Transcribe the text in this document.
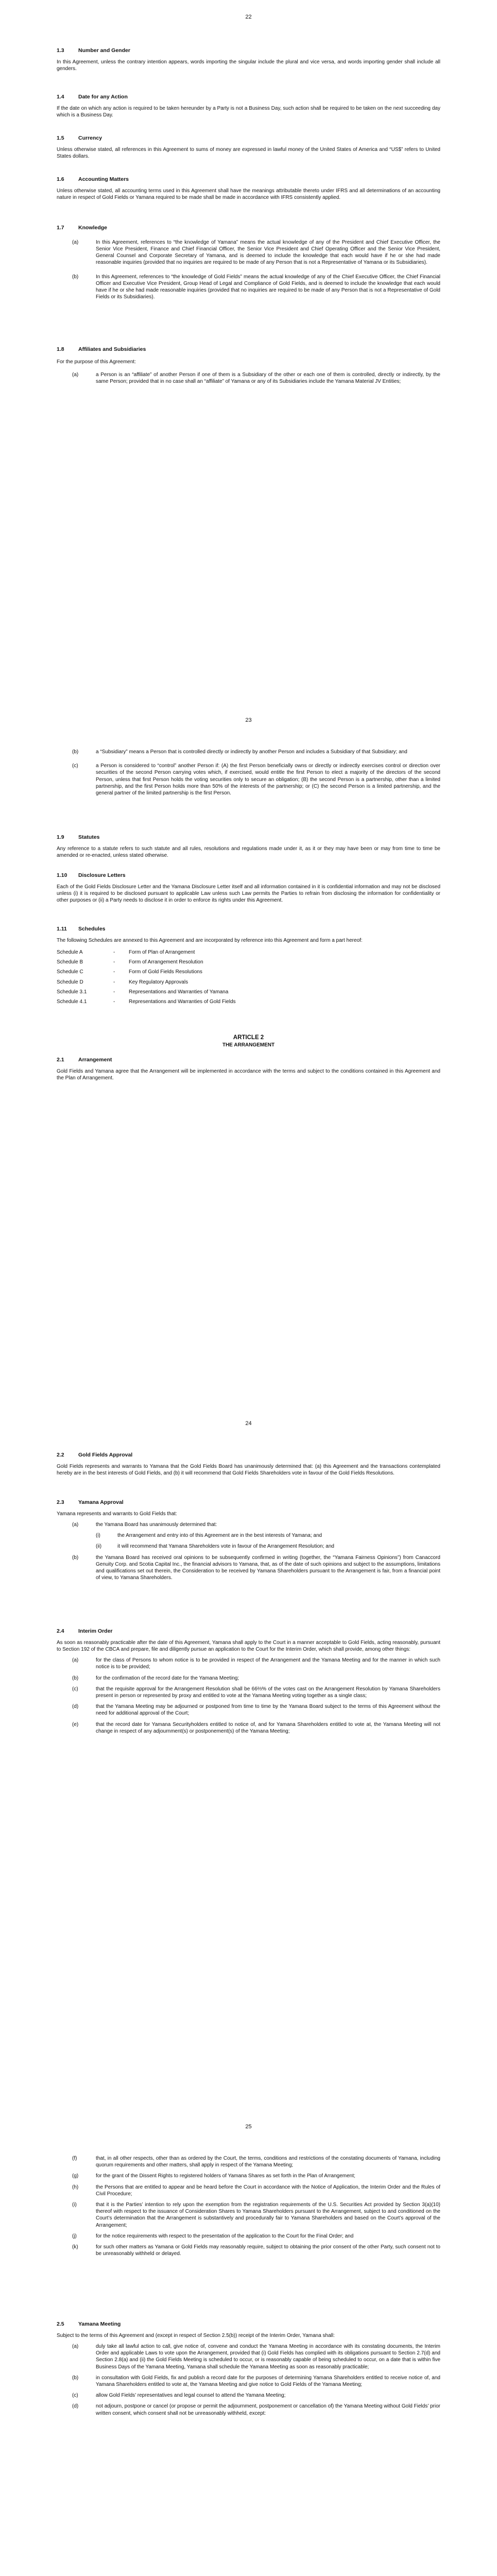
22
1.3	Number and Gender

In this Agreement, unless the contrary intention appears, words importing the singular include the plural and vice versa, and words importing gender shall include all genders.

1.4	Date for any Action

If the date on which any action is required to be taken hereunder by a Party is not a Business Day, such action shall be required to be taken on the next succeeding day which is a Business Day.

1.5	Currency

Unless otherwise stated, all references in this Agreement to sums of money are expressed in lawful money of the United States of America and “US$” refers to United States dollars.

1.6	Accounting Matters

Unless otherwise stated, all accounting terms used in this Agreement shall have the meanings attributable thereto under IFRS and all determinations of an accounting nature in respect of Gold Fields or Yamana required to be made shall be made in accordance with IFRS consistently applied.

1.7	Knowledge
(a)	In this Agreement, references to “the knowledge of Yamana” means the actual knowledge of any of the President and Chief Executive Officer, the Senior Vice President, Finance and Chief Financial Officer, the Senior Vice President and Chief Operating Officer and the Senior Vice President, General Counsel and Corporate Secretary of Yamana, and is deemed to include the knowledge that each would have if he or she had made reasonable inquiries (provided that no inquiries are required to be made of any Person that is not a Representative of Yamana or its Subsidiaries).
(b)	In this Agreement, references to “the knowledge of Gold Fields” means the actual knowledge of any of the Chief Executive Officer, the Chief Financial Officer and Executive Vice President, Group Head of Legal and Compliance of Gold Fields, and is deemed to include the knowledge that each would have if he or she had made reasonable inquiries (provided that no inquiries are required to be made of any Person that is not a Representative of Gold Fields or its Subsidiaries).
1.8	Affiliates and Subsidiaries

For the purpose of this Agreement:

(a)	a Person is an “affiliate” of another Person if one of them is a Subsidiary of the other or each one of them is controlled, directly or indirectly, by the same Person; provided that in no case shall an “affiliate” of Yamana or any of its Subsidiaries include the Yamana Material JV Entities;
23
(b)	a “Subsidiary” means a Person that is controlled directly or indirectly by another Person and includes a Subsidiary of that Subsidiary; and
(c)	a Person is considered to “control” another Person if: (A) the first Person beneficially owns or directly or indirectly exercises control or direction over securities of the second Person carrying votes which, if exercised, would entitle the first Person to elect a majority of the directors of the second Person, unless that first Person holds the voting securities only to secure an obligation; (B) the second Person is a partnership, other than a limited partnership, and the first Person holds more than 50% of the interests of the partnership; or (C) the second Person is a limited partnership, and the general partner of the limited partnership is the first Person.
1.9	Statutes

Any reference to a statute refers to such statute and all rules, resolutions and regulations made under it, as it or they may have been or may from time to time be amended or re-enacted, unless stated otherwise.

1.10	Disclosure Letters

Each of the Gold Fields Disclosure Letter and the Yamana Disclosure Letter itself and all information contained in it is confidential information and may not be disclosed unless (i) it is required to be disclosed pursuant to applicable Law unless such Law permits the Parties to refrain from disclosing the information for confidentiality or other purposes or (ii) a Party needs to disclose it in order to enforce its rights under this Agreement.

1.11	Schedules

The following Schedules are annexed to this Agreement and are incorporated by reference into this Agreement and form a part hereof:

Schedule A	-	Form of Plan of Arrangement
Schedule B	-	Form of Arrangement Resolution
Schedule C	-	Form of Gold Fields Resolutions
Schedule D	-	Key Regulatory Approvals
Schedule 3.1	-	Representations and Warranties of Yamana
Schedule 4.1	-	Representations and Warranties of Gold Fields
ARTICLE 2
THE ARRANGEMENT
2.1	Arrangement

Gold Fields and Yamana agree that the Arrangement will be implemented in accordance with the terms and subject to the conditions contained in this Agreement and the Plan of Arrangement.

24
2.2	Gold Fields Approval

Gold Fields represents and warrants to Yamana that the Gold Fields Board has unanimously determined that: (a) this Agreement and the transactions contemplated hereby are in the best interests of Gold Fields, and (b) it will recommend that Gold Fields Shareholders vote in favour of the Gold Fields Resolutions.

2.3	Yamana Approval

Yamana represents and warrants to Gold Fields that:

(a)	the Yamana Board has unanimously determined that:
(i)	the Arrangement and entry into of this Agreement are in the best interests of Yamana; and
(ii)	it will recommend that Yamana Shareholders vote in favour of the Arrangement Resolution; and
(b)	the Yamana Board has received oral opinions to be subsequently confirmed in writing (together, the “Yamana Fairness Opinions”) from Canaccord Genuity Corp. and Scotia Capital Inc., the financial advisors to Yamana, that, as of the date of such opinions and subject to the assumptions, limitations and qualifications set out therein, the Consideration to be received by Yamana Shareholders pursuant to the Arrangement is fair, from a financial point of view, to Yamana Shareholders.
2.4	Interim Order

As soon as reasonably practicable after the date of this Agreement, Yamana shall apply to the Court in a manner acceptable to Gold Fields, acting reasonably, pursuant to Section 192 of the CBCA and prepare, file and diligently pursue an application to the Court for the Interim Order, which shall provide, among other things:

(a)	for the class of Persons to whom notice is to be provided in respect of the Arrangement and the Yamana Meeting and for the manner in which such notice is to be provided;
(b)	for the confirmation of the record date for the Yamana Meeting;
(c)	that the requisite approval for the Arrangement Resolution shall be 66⅔% of the votes cast on the Arrangement Resolution by Yamana Shareholders present in person or represented by proxy and entitled to vote at the Yamana Meeting voting together as a single class;
(d)	that the Yamana Meeting may be adjourned or postponed from time to time by the Yamana Board subject to the terms of this Agreement without the need for additional approval of the Court;
(e)	that the record date for Yamana Securityholders entitled to notice of, and for Yamana Shareholders entitled to vote at, the Yamana Meeting will not change in respect of any adjournment(s) or postponement(s) of the Yamana Meeting;
25
(f)	that, in all other respects, other than as ordered by the Court, the terms, conditions and restrictions of the constating documents of Yamana, including quorum requirements and other matters, shall apply in respect of the Yamana Meeting;
(g)	for the grant of the Dissent Rights to registered holders of Yamana Shares as set forth in the Plan of Arrangement;
(h)	the Persons that are entitled to appear and be heard before the Court in accordance with the Notice of Application, the Interim Order and the Rules of Civil Procedure;
(i)	that it is the Parties’ intention to rely upon the exemption from the registration requirements of the U.S. Securities Act provided by Section 3(a)(10) thereof with respect to the issuance of Consideration Shares to Yamana Shareholders pursuant to the Arrangement, subject to and conditioned on the Court’s determination that the Arrangement is substantively and procedurally fair to Yamana Shareholders and based on the Court’s approval of the Arrangement;
(j)	for the notice requirements with respect to the presentation of the application to the Court for the Final Order; and
(k)	for such other matters as Yamana or Gold Fields may reasonably require, subject to obtaining the prior consent of the other Party, such consent not to be unreasonably withheld or delayed.
2.5	Yamana Meeting

Subject to the terms of this Agreement and (except in respect of Section 2.5(b)) receipt of the Interim Order, Yamana shall:

(a)	duly take all lawful action to call, give notice of, convene and conduct the Yamana Meeting in accordance with its constating documents, the Interim Order and applicable Laws to vote upon the Arrangement, provided that (i) Gold Fields has complied with its obligations pursuant to Section 2.7(d) and Section 2.8(a) and (ii) the Gold Fields Meeting is scheduled to occur, or is reasonably capable of being scheduled to occur, on a date that is within five Business Days of the Yamana Meeting, Yamana shall schedule the Yamana Meeting as soon as reasonably practicable;
(b)	in consultation with Gold Fields, fix and publish a record date for the purposes of determining Yamana Shareholders entitled to receive notice of, and Yamana Shareholders entitled to vote at, the Yamana Meeting and give notice to Gold Fields of the Yamana Meeting;
(c)	allow Gold Fields’ representatives and legal counsel to attend the Yamana Meeting;
(d)	not adjourn, postpone or cancel (or propose or permit the adjournment, postponement or cancellation of) the Yamana Meeting without Gold Fields’ prior written consent, which consent shall not be unreasonably withheld, except:
